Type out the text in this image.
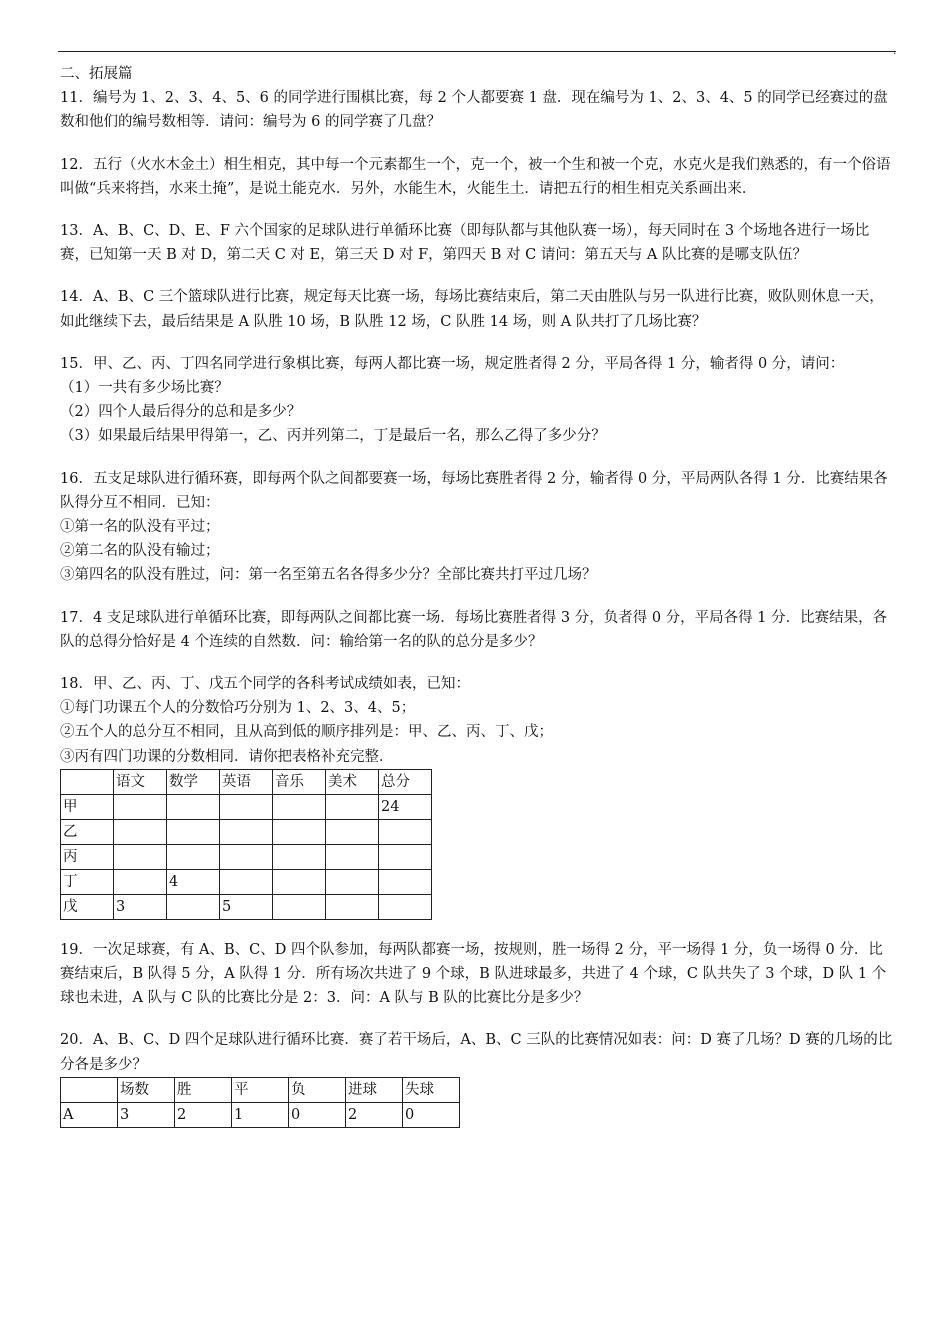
.

二、拓展篇

11．编号为 1、2、3、4、5、6 的同学进行围棋比赛，每 2 个人都要赛 1 盘．现在编号为 1、2、3、4、5 的同学已经赛过的盘数和他们的编号数相等．请问：编号为 6 的同学赛了几盘？

12．五行（火水木金土）相生相克，其中每一个元素都生一个，克一个，被一个生和被一个克，水克火是我们熟悉的，有一个俗语叫做“兵来将挡，水来土掩”，是说土能克水．另外，水能生木，火能生土．请把五行的相生相克关系画出来．

13．A、B、C、D、E、F 六个国家的足球队进行单循环比赛（即每队都与其他队赛一场），每天同时在 3 个场地各进行一场比赛，已知第一天 B 对 D，第二天 C 对 E，第三天 D 对 F，第四天 B 对 C 请问：第五天与 A 队比赛的是哪支队伍？

14．A、B、C 三个篮球队进行比赛，规定每天比赛一场，每场比赛结束后，第二天由胜队与另一队进行比赛，败队则休息一天，如此继续下去，最后结果是 A 队胜 10 场，B 队胜 12 场，C 队胜 14 场，则 A 队共打了几场比赛？

15．甲、乙、丙、丁四名同学进行象棋比赛，每两人都比赛一场，规定胜者得 2 分，平局各得 1 分，输者得 0 分，请问：

（1）一共有多少场比赛？

（2）四个人最后得分的总和是多少？

（3）如果最后结果甲得第一，乙、丙并列第二，丁是最后一名，那么乙得了多少分？

16．五支足球队进行循环赛，即每两个队之间都要赛一场，每场比赛胜者得 2 分，输者得 0 分，平局两队各得 1 分．比赛结果各队得分互不相同．已知：

①第一名的队没有平过；

②第二名的队没有输过；

③第四名的队没有胜过，问：第一名至第五名各得多少分？全部比赛共打平过几场？

17．4 支足球队进行单循环比赛，即每两队之间都比赛一场．每场比赛胜者得 3 分，负者得 0 分，平局各得 1 分．比赛结果，各队的总得分恰好是 4 个连续的自然数．问：输给第一名的队的总分是多少？

18．甲、乙、丙、丁、戊五个同学的各科考试成绩如表，已知：

①每门功课五个人的分数恰巧分别为 1、2、3、4、5；

②五个人的总分互不相同，且从高到低的顺序排列是：甲、乙、丙、丁、戊；

③丙有四门功课的分数相同．请你把表格补充完整．

	语文	数学	英语	音乐	美术	总分
甲						24
乙						
丙						
丁		4				
戊	3		5			

19．一次足球赛，有 A、B、C、D 四个队参加，每两队都赛一场，按规则，胜一场得 2 分，平一场得 1 分，负一场得 0 分．比赛结束后，B 队得 5 分，A 队得 1 分．所有场次共进了 9 个球，B 队进球最多，共进了 4 个球，C 队共失了 3 个球，D 队 1 个球也未进，A 队与 C 队的比赛比分是 2：3．问：A 队与 B 队的比赛比分是多少？

20．A、B、C、D 四个足球队进行循环比赛．赛了若干场后，A、B、C 三队的比赛情况如表：问：D 赛了几场？D 赛的几场的比分各是多少？

	场数	胜	平	负	进球	失球
A	3	2	1	0	2	0
